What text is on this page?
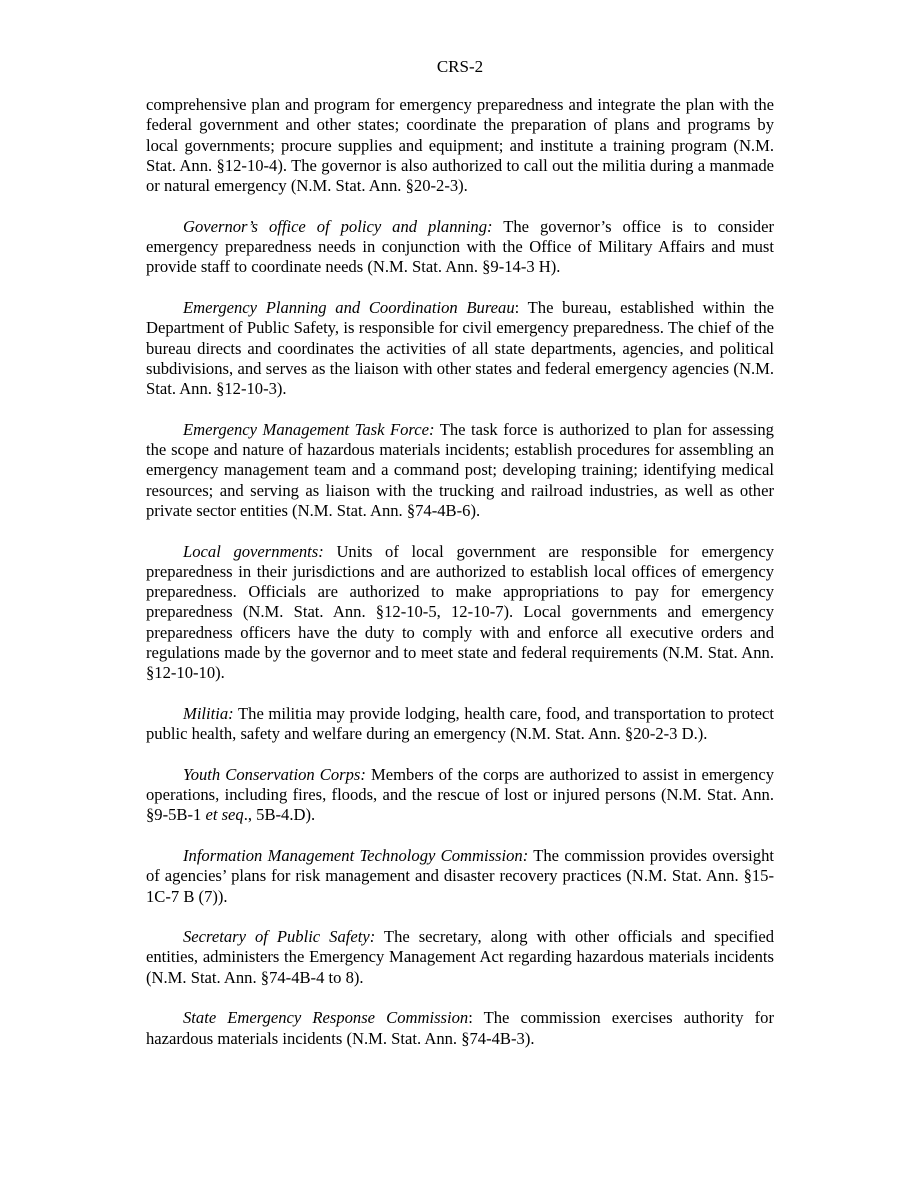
CRS-2

comprehensive plan and program for emergency preparedness and integrate the plan with the federal government and other states; coordinate the preparation of plans and programs by local governments; procure supplies and equipment; and institute a training program (N.M. Stat. Ann. §12-10-4). The governor is also authorized to call out the militia during a manmade or natural emergency (N.M. Stat. Ann. §20-2-3).

Governor’s office of policy and planning: The governor’s office is to consider emergency preparedness needs in conjunction with the Office of Military Affairs and must provide staff to coordinate needs (N.M. Stat. Ann. §9-14-3 H).

Emergency Planning and Coordination Bureau: The bureau, established within the Department of Public Safety, is responsible for civil emergency preparedness. The chief of the bureau directs and coordinates the activities of all state departments, agencies, and political subdivisions, and serves as the liaison with other states and federal emergency agencies (N.M. Stat. Ann. §12-10-3).

Emergency Management Task Force: The task force is authorized to plan for assessing the scope and nature of hazardous materials incidents; establish procedures for assembling an emergency management team and a command post; developing training; identifying medical resources; and serving as liaison with the trucking and railroad industries, as well as other private sector entities (N.M. Stat. Ann. §74-4B-6).

Local governments: Units of local government are responsible for emergency preparedness in their jurisdictions and are authorized to establish local offices of emergency preparedness. Officials are authorized to make appropriations to pay for emergency preparedness (N.M. Stat. Ann. §12-10-5, 12-10-7). Local governments and emergency preparedness officers have the duty to comply with and enforce all executive orders and regulations made by the governor and to meet state and federal requirements (N.M. Stat. Ann. §12-10-10).

Militia: The militia may provide lodging, health care, food, and transportation to protect public health, safety and welfare during an emergency (N.M. Stat. Ann. §20-2-3 D.).

Youth Conservation Corps: Members of the corps are authorized to assist in emergency operations, including fires, floods, and the rescue of lost or injured persons (N.M. Stat. Ann. §9-5B-1 et seq., 5B-4.D).

Information Management Technology Commission: The commission provides oversight of agencies’ plans for risk management and disaster recovery practices (N.M. Stat. Ann. §15-1C-7 B (7)).

Secretary of Public Safety: The secretary, along with other officials and specified entities, administers the Emergency Management Act regarding hazardous materials incidents (N.M. Stat. Ann. §74-4B-4 to 8).

State Emergency Response Commission: The commission exercises authority for hazardous materials incidents (N.M. Stat. Ann. §74-4B-3).
